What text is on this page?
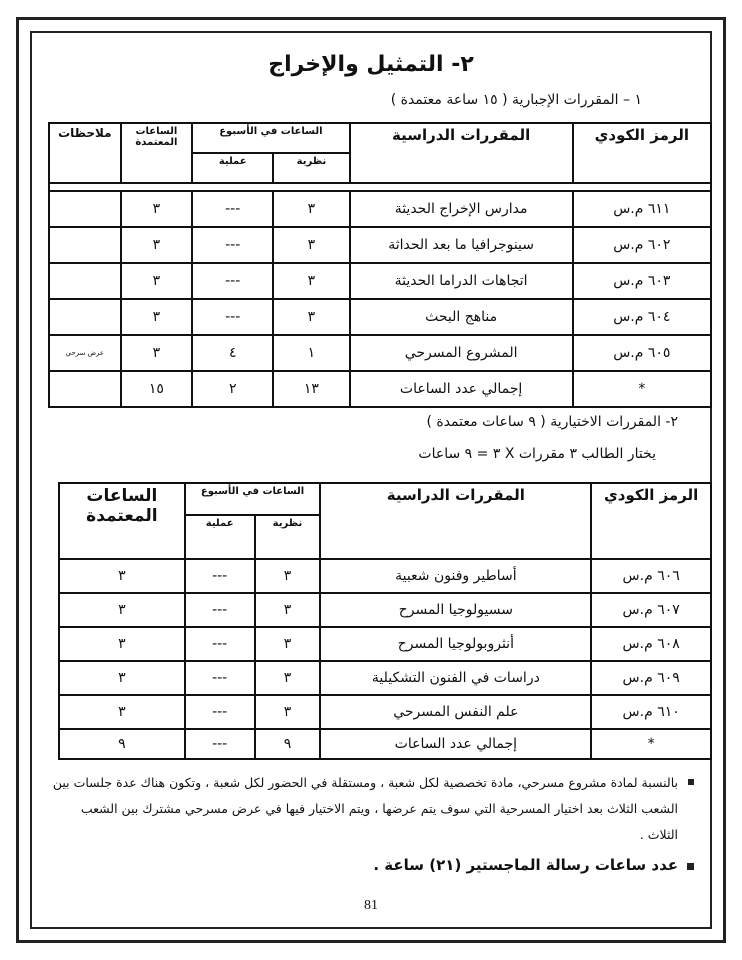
٢- التمثيل والإخراج
١ – المقررات الإجبارية ( ١٥ ساعة معتمدة )
الرمز الكودي	المقررات الدراسية	الساعات في الأسبوع		الساعات المعتمدة	ملاحظات
		نظرية	عملية		

٦١١ م.س	مدارس الإخراج الحديثة	٣	---	٣	
٦٠٢ م.س	سينوجرافيا ما بعد الحداثة	٣	---	٣	
٦٠٣ م.س	اتجاهات الدراما الحديثة	٣	---	٣	
٦٠٤ م.س	مناهج البحث	٣	---	٣	
٦٠٥ م.س	المشروع المسرحي	١	٤	٣	عرض سرحي
*	إجمالي عدد الساعات	١٣	٢	١٥	
٢- المقررات الاختيارية ( ٩ ساعات معتمدة )
يختار الطالب ٣ مقررات X ٣ = ٩ ساعات
الرمز الكودي	المقررات الدراسية	الساعات في الأسبوع		الساعات المعتمدة
		نظرية	عملية	
٦٠٦ م.س	أساطير وفنون شعبية	٣	---	٣
٦٠٧ م.س	سسيولوجيا المسرح	٣	---	٣
٦٠٨ م.س	أنثروبولوجيا المسرح	٣	---	٣
٦٠٩ م.س	دراسات في الفنون التشكيلية	٣	---	٣
٦١٠ م.س	علم النفس المسرحي	٣	---	٣
*	إجمالي عدد الساعات	٩	---	٩
بالنسبة لمادة مشروع مسرحي، مادة تخصصية لكل شعبة ، ومستقلة في الحضور لكل شعبة ، وتكون هناك عدة جلسات بين الشعب الثلاث بعد اختيار المسرحية التي سوف يتم عرضها ، ويتم الاختيار فيها في عرض مسرحي مشترك بين الشعب الثلاث .
عدد ساعات رسالة الماجستير (٢١) ساعة .
81
